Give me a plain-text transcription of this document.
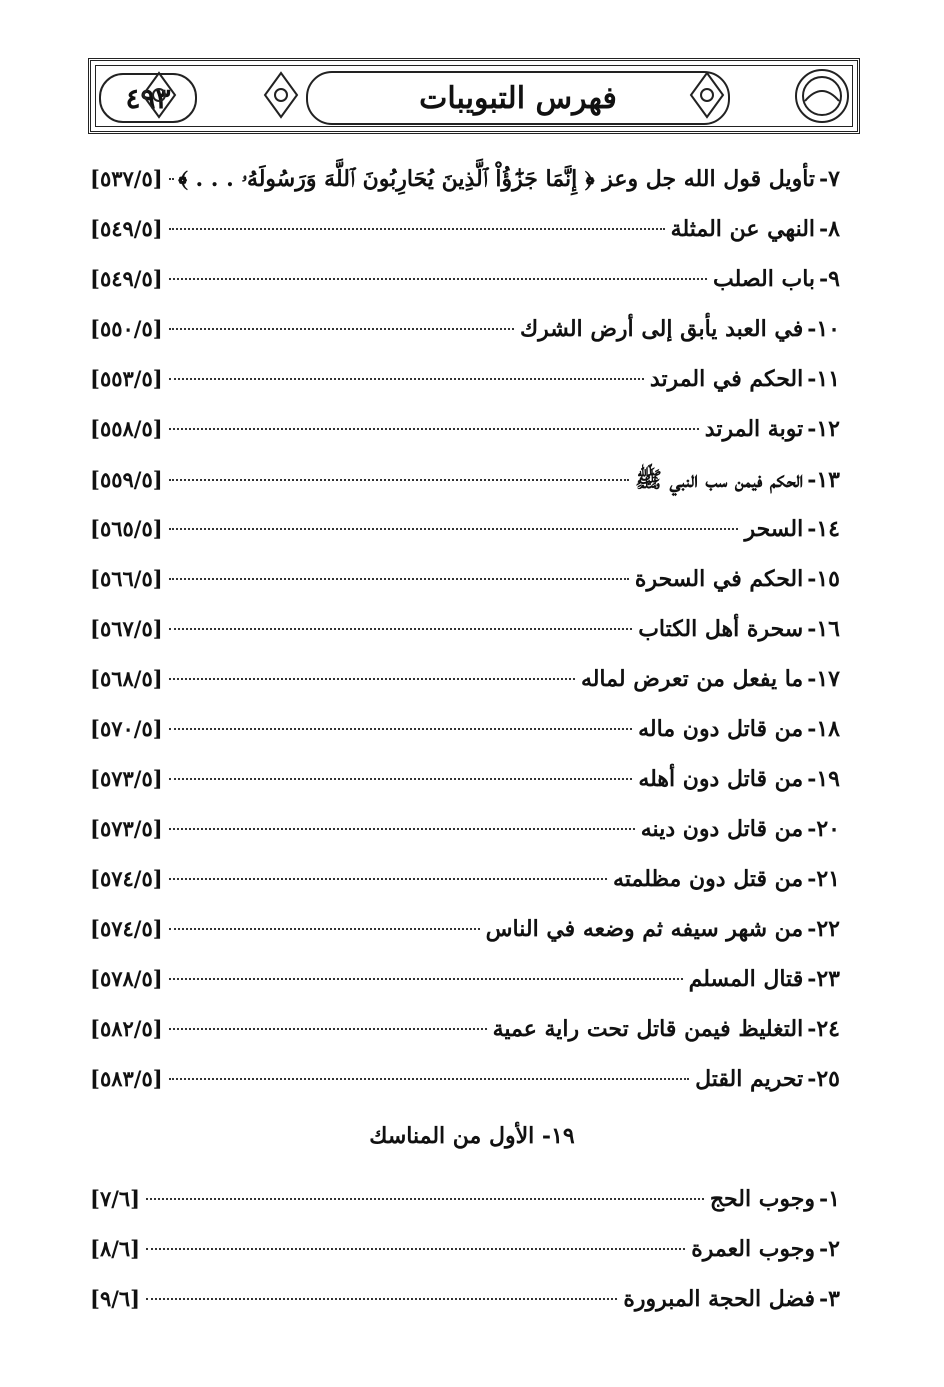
٤٩٣	فهرس التبويبات
٧-
تأويل قول الله جل وعز ﴿ إِنَّمَا جَزَٰٓؤُاْ ٱلَّذِينَ يُحَارِبُونَ ٱللَّهَ وَرَسُولَهُۥ . . . ﴾
[٥٣٧/٥]
٨-
النهي عن المثلة
[٥٤٩/٥]
٩-
باب الصلب
[٥٤٩/٥]
١٠-
في العبد يأبق إلى أرض الشرك
[٥٥٠/٥]
١١-
الحكم في المرتد
[٥٥٣/٥]
١٢-
توبة المرتد
[٥٥٨/٥]
١٣-
الحكم فيمن سب النبي ﷺ
[٥٥٩/٥]
١٤-
السحر
[٥٦٥/٥]
١٥-
الحكم في السحرة
[٥٦٦/٥]
١٦-
سحرة أهل الكتاب
[٥٦٧/٥]
١٧-
ما يفعل من تعرض لماله
[٥٦٨/٥]
١٨-
من قاتل دون ماله
[٥٧٠/٥]
١٩-
من قاتل دون أهله
[٥٧٣/٥]
٢٠-
من قاتل دون دينه
[٥٧٣/٥]
٢١-
من قتل دون مظلمته
[٥٧٤/٥]
٢٢-
من شهر سيفه ثم وضعه في الناس
[٥٧٤/٥]
٢٣-
قتال المسلم
[٥٧٨/٥]
٢٤-
التغليظ فيمن قاتل تحت راية عمية
[٥٨٢/٥]
٢٥-
تحريم القتل
[٥٨٣/٥]
١٩- الأول من المناسك
١-
وجوب الحج
[٧/٦]
٢-
وجوب العمرة
[٨/٦]
٣-
فضل الحجة المبرورة
[٩/٦]
